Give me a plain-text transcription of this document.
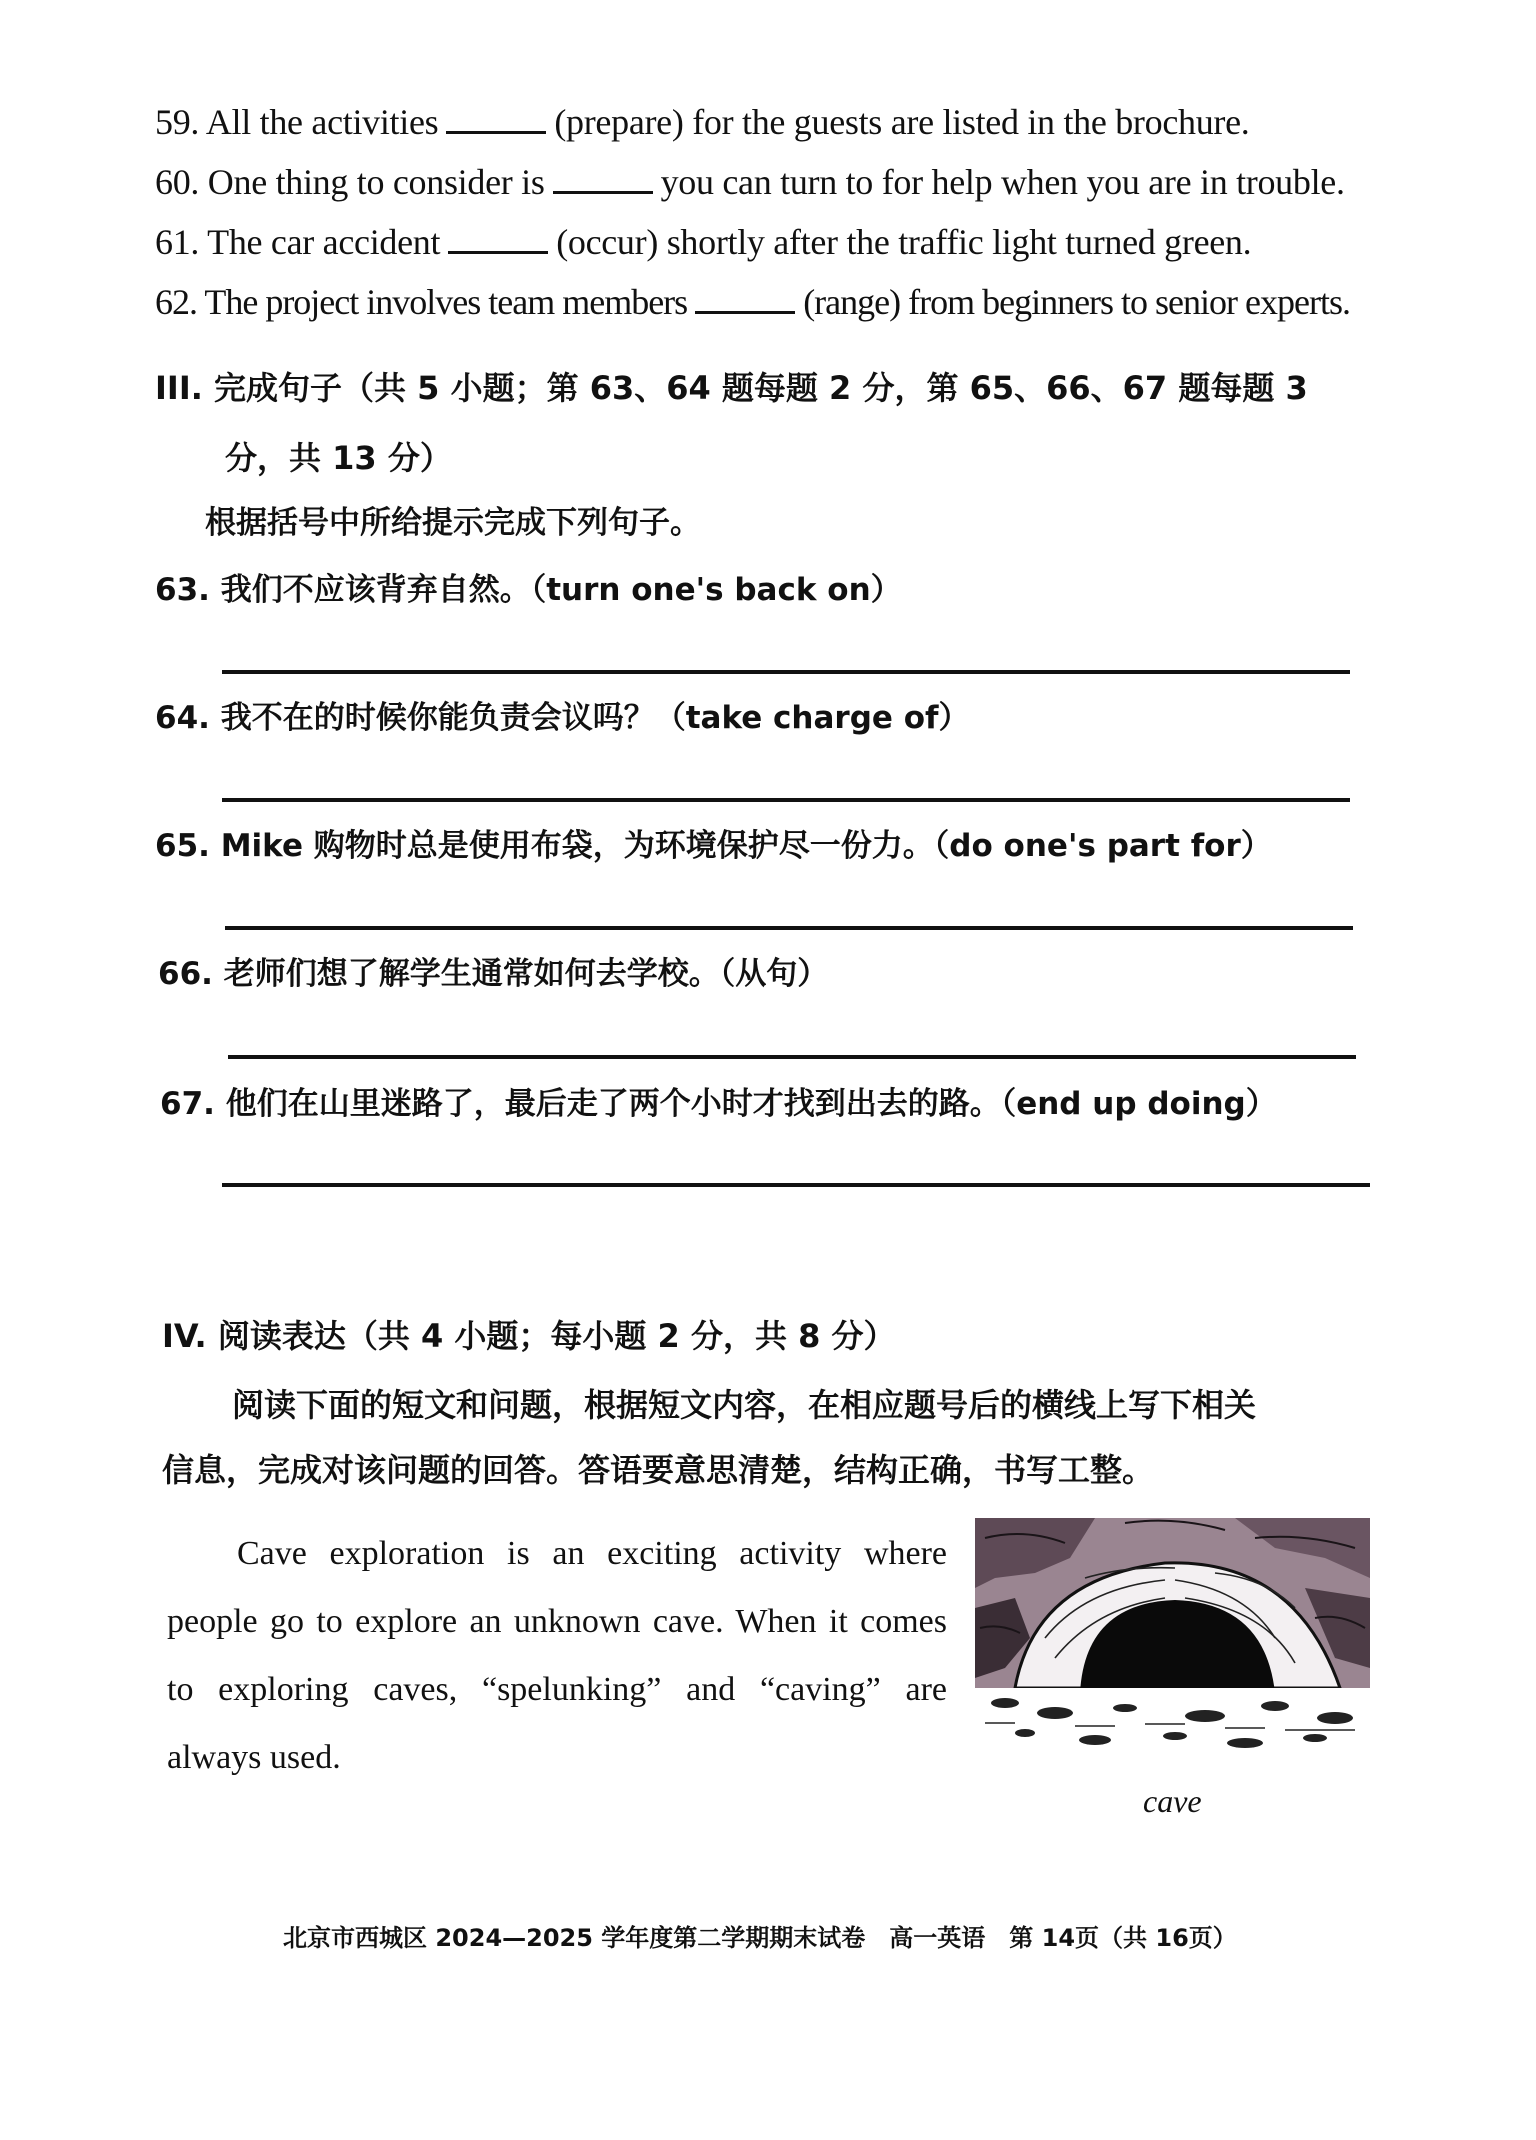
59. All the activities	(prepare) for the guests are listed in the brochure.
60. One thing to consider is	you can turn to for help when you are in trouble.
61. The car accident	(occur) shortly after the traffic light turned green.
62. The project involves team members	(range) from beginners to senior experts.
III. 完成句子（共 5 小题；第 63、64 题每题 2 分，第 65、66、67 题每题 3
分，共 13 分）
根据括号中所给提示完成下列句子。
63. 我们不应该背弃自然。（turn one's back on）
64. 我不在的时候你能负责会议吗？（take charge of）
65. Mike 购物时总是使用布袋，为环境保护尽一份力。（do one's part for）
66. 老师们想了解学生通常如何去学校。（从句）
67. 他们在山里迷路了，最后走了两个小时才找到出去的路。（end up doing）
IV. 阅读表达（共 4 小题；每小题 2 分，共 8 分）
阅读下面的短文和问题，根据短文内容，在相应题号后的横线上写下相关
信息，完成对该问题的回答。答语要意思清楚，结构正确，书写工整。
Cave exploration is an exciting activity where
people go to explore an unknown cave. When it comes
to exploring caves, “spelunking” and “caving” are
always used.
cave
北京市西城区 2024—2025 学年度第二学期期末试卷　高一英语　第 14页（共 16页）
